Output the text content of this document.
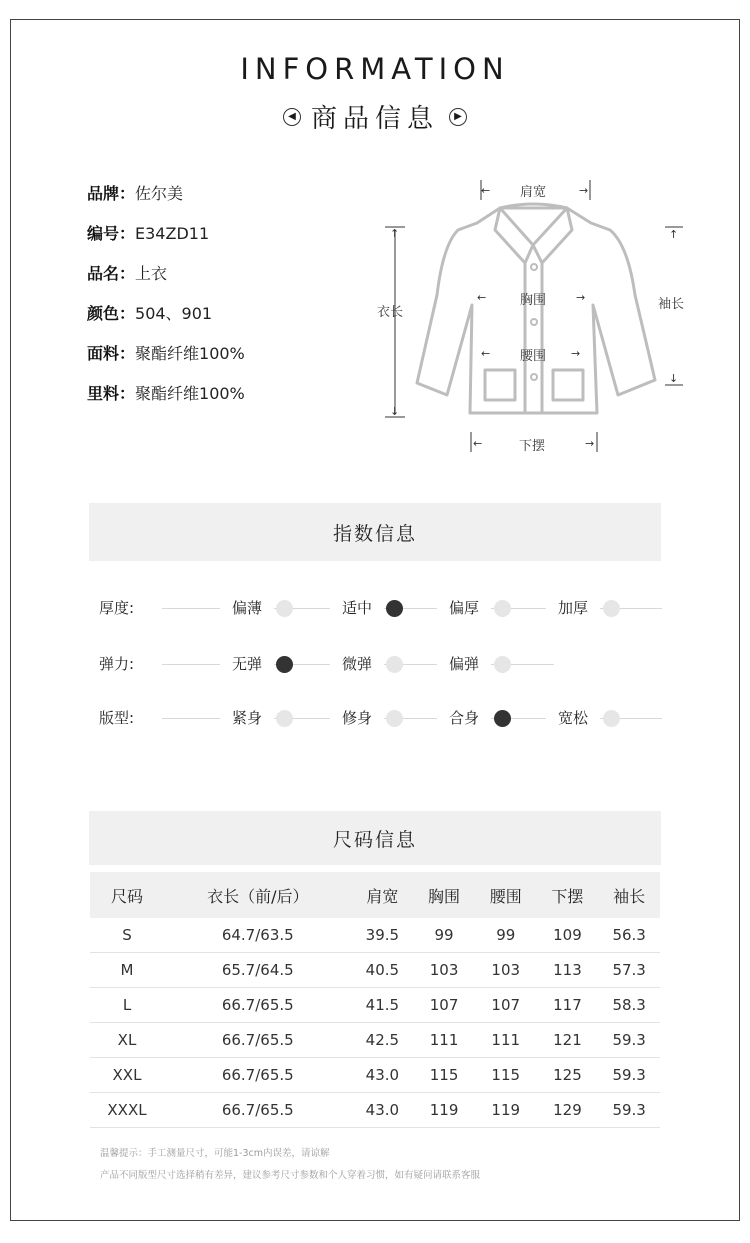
INFORMATION
◀ 商品信息 ▶
品牌：佐尔美
编号：E34ZD11
品名：上衣
颜色：504、901
面料：聚酯纤维100%
里料：聚酯纤维100%
←	→
←	→
←	→
←	→
↑
↓
↑
↓
肩宽
衣长
胸围
腰围
袖长
下摆
指数信息
厚度:	偏薄	适中	偏厚	加厚
弹力:	无弹	微弹	偏弹
版型:	紧身	修身	合身	宽松
尺码信息
尺码	衣长（前/后）	肩宽	胸围	腰围	下摆	袖长
S	64.7/63.5	39.5	99	99	109	56.3
M	65.7/64.5	40.5	103	103	113	57.3
L	66.7/65.5	41.5	107	107	117	58.3
XL	66.7/65.5	42.5	111	111	121	59.3
XXL	66.7/65.5	43.0	115	115	125	59.3
XXXL	66.7/65.5	43.0	119	119	129	59.3
温馨提示：手工测量尺寸，可能1-3cm内误差，请谅解
产品不同版型尺寸选择稍有差异，建议参考尺寸参数和个人穿着习惯，如有疑问请联系客服
